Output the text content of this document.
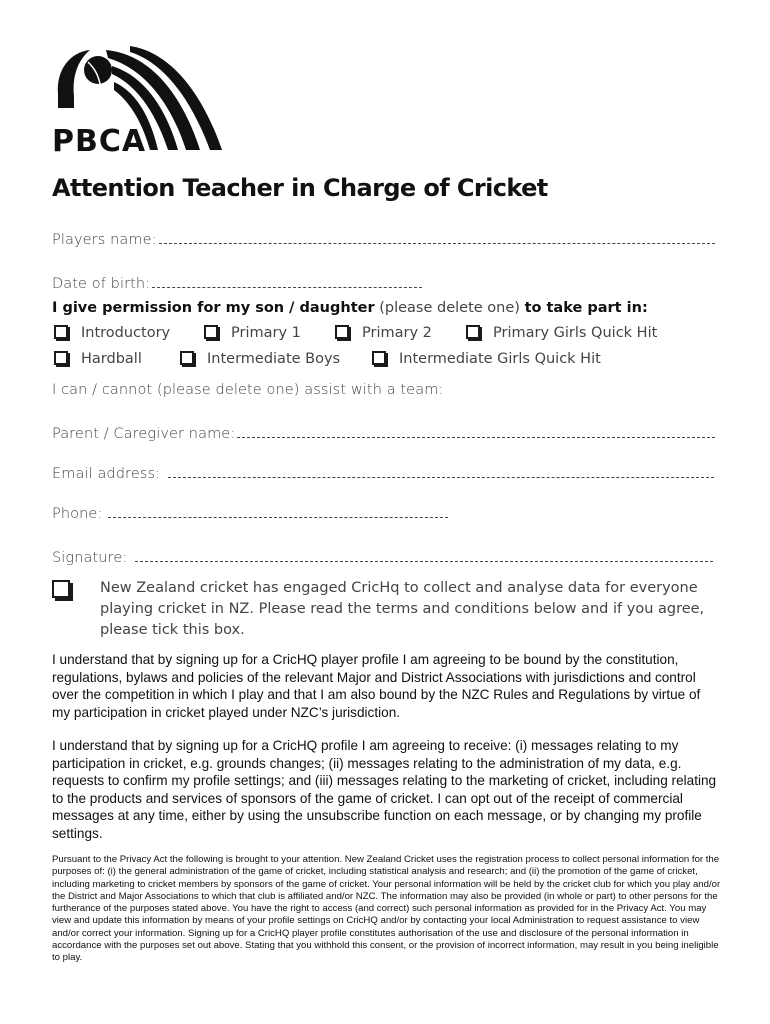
PBCA
Attention Teacher in Charge of Cricket
Players name:
Date of birth:
I give permission for my son / daughter (please delete one) to take part in:
Introductory	Primary 1	Primary 2	Primary Girls Quick Hit
Hardball	Intermediate Boys	Intermediate Girls Quick Hit
I can / cannot (please delete one) assist with a team:
Parent / Caregiver name:
Email address:
Phone:
Signature:
New Zealand cricket has engaged CricHq to collect and analyse data for everyone playing cricket in NZ. Please read the terms and conditions below and if you agree, please tick this box.

I understand that by signing up for a CricHQ player profile I am agreeing to be bound by the constitution, regulations, bylaws and policies of the relevant Major and District Associations with jurisdictions and control over the competition in which I play and that I am also bound by the NZC Rules and Regulations by virtue of my participation in cricket played under NZC’s jurisdiction.

I understand that by signing up for a CricHQ profile I am agreeing to receive: (i) messages relating to my participation in cricket, e.g. grounds changes; (ii) messages relating to the administration of my data, e.g. requests to confirm my profile settings; and (iii) messages relating to the marketing of cricket, including relating to the products and services of sponsors of the game of cricket. I can opt out of the receipt of commercial messages at any time, either by using the unsubscribe function on each message, or by changing my profile settings.

Pursuant to the Privacy Act the following is brought to your attention. New Zealand Cricket uses the registration process to collect personal information for the purposes of: (i) the general administration of the game of cricket, including statistical analysis and research; and (ii) the promotion of the game of cricket, including marketing to cricket members by sponsors of the game of cricket. Your personal information will be held by the cricket club for which you play and/or the District and Major Associations to which that club is affiliated and/or NZC. The information may also be provided (in whole or part) to other persons for the furtherance of the purposes stated above. You have the right to access (and correct) such personal information as provided for in the Privacy Act. You may view and update this information by means of your profile settings on CricHQ and/or by contacting your local Administration to request assistance to view and/or correct your information. Signing up for a CricHQ player profile constitutes authorisation of the use and disclosure of the personal information in accordance with the purposes set out above. Stating that you withhold this consent, or the provision of incorrect information, may result in you being ineligible to play.
